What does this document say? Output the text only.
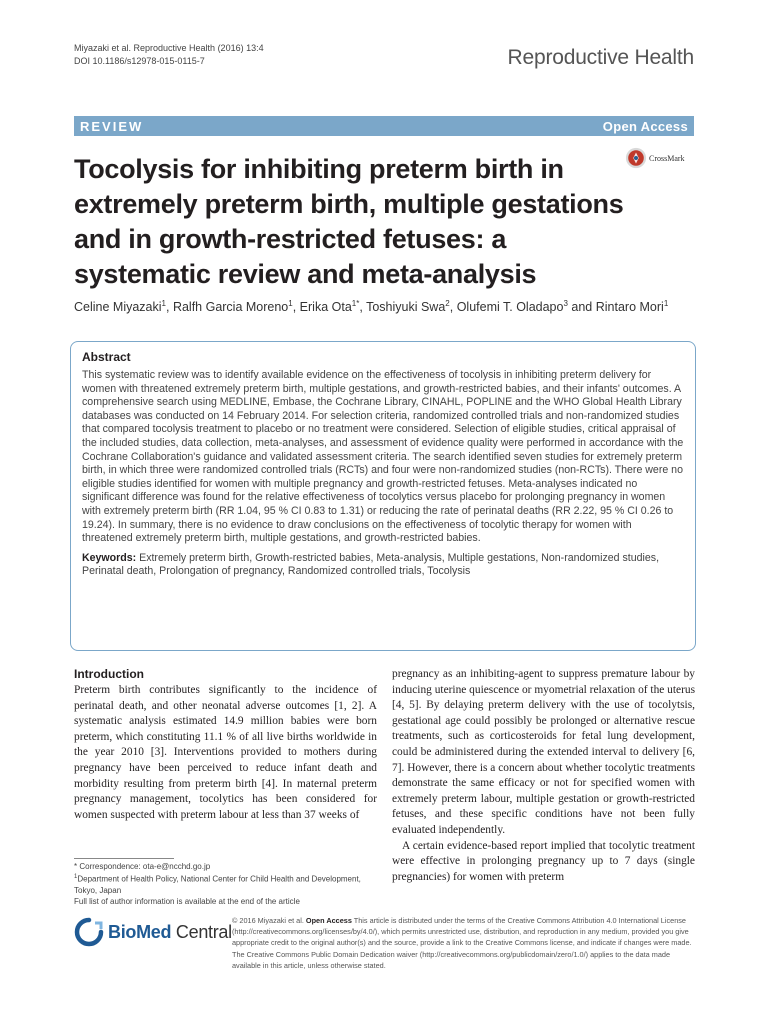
Miyazaki et al. Reproductive Health (2016) 13:4
DOI 10.1186/s12978-015-0115-7	Reproductive Health
REVIEW	Open Access
Tocolysis for inhibiting preterm birth in extremely preterm birth, multiple gestations and in growth-restricted fetuses: a systematic review and meta-analysis
CrossMark
Celine Miyazaki$^1$, Ralfh Garcia Moreno$^1$, Erika Ota$^{1*}$, Toshiyuki Swa$^2$, Olufemi T. Oladapo$^3$ and Rintaro Mori$^1$
Abstract

This systematic review was to identify available evidence on the effectiveness of tocolysis in inhibiting preterm delivery for women with threatened extremely preterm birth, multiple gestations, and growth-restricted babies, and their infants' outcomes. A comprehensive search using MEDLINE, Embase, the Cochrane Library, CINAHL, POPLINE and the WHO Global Health Library databases was conducted on 14 February 2014. For selection criteria, randomized controlled trials and non-randomized studies that compared tocolysis treatment to placebo or no treatment were considered. Selection of eligible studies, critical appraisal of the included studies, data collection, meta-analyses, and assessment of evidence quality were performed in accordance with the Cochrane Collaboration's guidance and validated assessment criteria. The search identified seven studies for extremely preterm birth, in which three were randomized controlled trials (RCTs) and four were non-randomized studies (non-RCTs). There were no eligible studies identified for women with multiple pregnancy and growth-restricted fetuses. Meta-analyses indicated no significant difference was found for the relative effectiveness of tocolytics versus placebo for prolonging pregnancy in women with extremely preterm birth (RR 1.04, 95 % CI 0.83 to 1.31) or reducing the rate of perinatal deaths (RR 2.22, 95 % CI 0.26 to 19.24). In summary, there is no evidence to draw conclusions on the effectiveness of tocolytic therapy for women with threatened extremely preterm birth, multiple gestations, and growth-restricted babies.

Keywords: Extremely preterm birth, Growth-restricted babies, Meta-analysis, Multiple gestations, Non-randomized studies, Perinatal death, Prolongation of pregnancy, Randomized controlled trials, Tocolysis

Introduction

Preterm birth contributes significantly to the incidence of perinatal death, and other neonatal adverse outcomes [1, 2]. A systematic analysis estimated 14.9 million babies were born preterm, which constituting 11.1 % of all live births worldwide in the year 2010 [3]. Interventions provided to mothers during pregnancy have been perceived to reduce infant death and morbidity resulting from preterm birth [4]. In maternal preterm pregnancy management, tocolytics has been considered for women suspected with preterm labour at less than 37 weeks of

pregnancy as an inhibiting-agent to suppress premature labour by inducing uterine quiescence or myometrial relaxation of the uterus [4, 5]. By delaying preterm delivery with the use of tocolytsis, gestational age could possibly be prolonged or alternative rescue treatments, such as corticosteroids for fetal lung development, could be administered during the extended interval to delivery [6, 7]. However, there is a concern about whether tocolytic treatments demonstrate the same efficacy or not for specified women with extremely preterm labour, multiple gestation or growth-restricted fetuses, and these specific conditions have not been fully evaluated independently.

A certain evidence-based report implied that tocolytic treatment were effective in prolonging pregnancy up to 7 days (single pregnancies) for women with preterm

* Correspondence: ota-e@ncchd.go.jp
$^1$Department of Health Policy, National Center for Child Health and Development, Tokyo, Japan
Full list of author information is available at the end of the article
BioMed Central
© 2016 Miyazaki et al. Open Access This article is distributed under the terms of the Creative Commons Attribution 4.0 International License (http://creativecommons.org/licenses/by/4.0/), which permits unrestricted use, distribution, and reproduction in any medium, provided you give appropriate credit to the original author(s) and the source, provide a link to the Creative Commons license, and indicate if changes were made. The Creative Commons Public Domain Dedication waiver (http://creativecommons.org/publicdomain/zero/1.0/) applies to the data made available in this article, unless otherwise stated.
